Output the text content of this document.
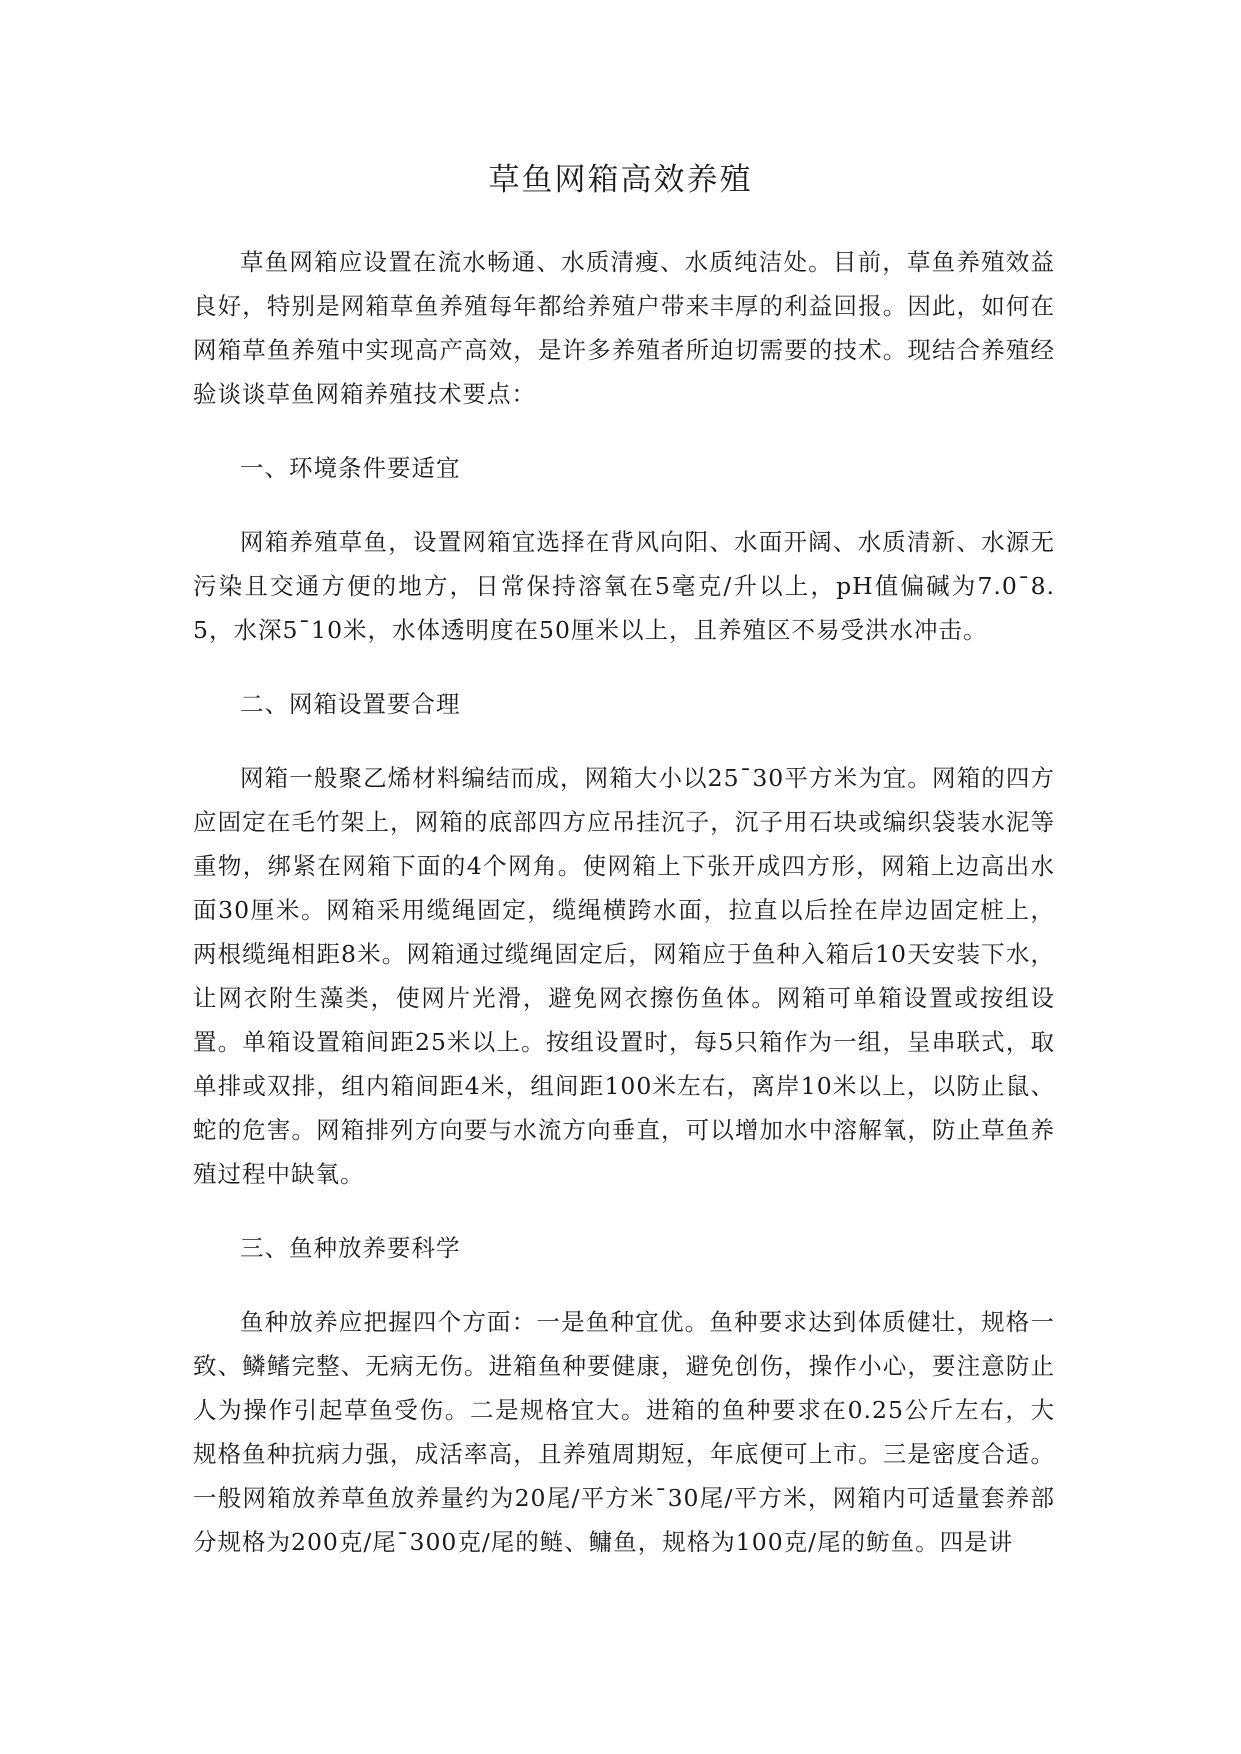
草鱼网箱高效养殖

草鱼网箱应设置在流水畅通、水质清瘦、水质纯洁处。目前，草鱼养殖效益良好，特别是网箱草鱼养殖每年都给养殖户带来丰厚的利益回报。因此，如何在网箱草鱼养殖中实现高产高效，是许多养殖者所迫切需要的技术。现结合养殖经验谈谈草鱼网箱养殖技术要点：

一、环境条件要适宜

网箱养殖草鱼，设置网箱宜选择在背风向阳、水面开阔、水质清新、水源无污染且交通方便的地方，日常保持溶氧在5毫克/升以上，pH值偏碱为7.0¯8.5，水深5¯10米，水体透明度在50厘米以上，且养殖区不易受洪水冲击。

二、网箱设置要合理

网箱一般聚乙烯材料编结而成，网箱大小以25¯30平方米为宜。网箱的四方应固定在毛竹架上，网箱的底部四方应吊挂沉子，沉子用石块或编织袋装水泥等重物，绑紧在网箱下面的4个网角。使网箱上下张开成四方形，网箱上边高出水面30厘米。网箱采用缆绳固定，缆绳横跨水面，拉直以后拴在岸边固定桩上，两根缆绳相距8米。网箱通过缆绳固定后，网箱应于鱼种入箱后10天安装下水，让网衣附生藻类，使网片光滑，避免网衣擦伤鱼体。网箱可单箱设置或按组设置。单箱设置箱间距25米以上。按组设置时，每5只箱作为一组，呈串联式，取单排或双排，组内箱间距4米，组间距100米左右，离岸10米以上，以防止鼠、蛇的危害。网箱排列方向要与水流方向垂直，可以增加水中溶解氧，防止草鱼养殖过程中缺氧。

三、鱼种放养要科学

鱼种放养应把握四个方面：一是鱼种宜优。鱼种要求达到体质健壮，规格一致、鳞鳍完整、无病无伤。进箱鱼种要健康，避免创伤，操作小心，要注意防止人为操作引起草鱼受伤。二是规格宜大。进箱的鱼种要求在0.25公斤左右，大规格鱼种抗病力强，成活率高，且养殖周期短，年底便可上市。三是密度合适。一般网箱放养草鱼放养量约为20尾/平方米¯30尾/平方米，网箱内可适量套养部分规格为200克/尾¯300克/尾的鲢、鳙鱼，规格为100克/尾的鲂鱼。四是讲
